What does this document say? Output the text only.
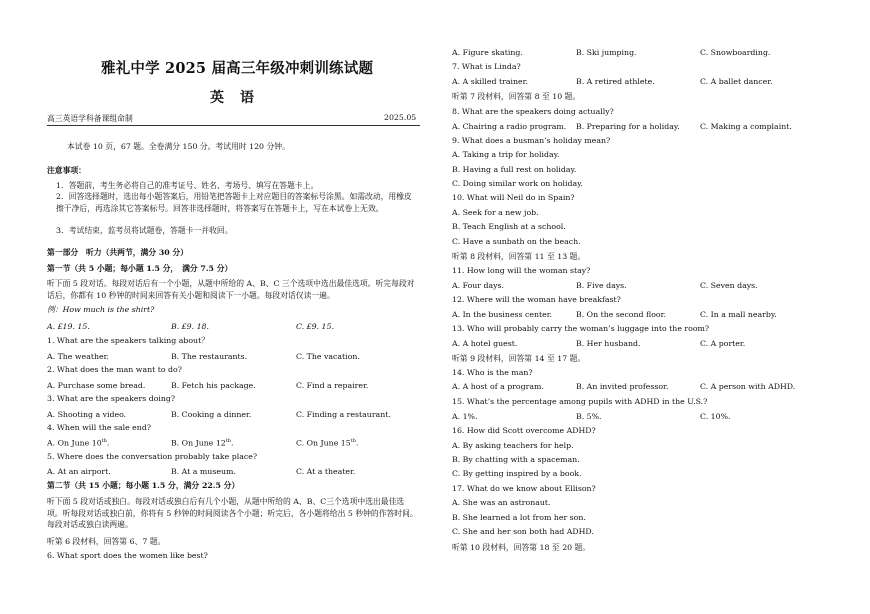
雅礼中学 2025 届高三年级冲刺训练试题
英语
高三英语学科备课组命制	2025.05
本试卷 10 页，67 题。全卷满分 150 分。考试用时 120 分钟。
注意事项：
1．答题前，考生务必将自己的准考证号、姓名、考场号、填写在答题卡上。
2．回答选择题时，选出每小题答案后，用铅笔把答题卡上对应题目的答案标号涂黑。如需改动，用橡皮擦干净后，再选涂其它答案标号。回答非选择题时，将答案写在答题卡上，写在本试卷上无效。
3．考试结束，监考员将试题卷，答题卡一并收回。
第一部分　听力（共两节，满分 30 分）
第一节（共 5 小题；每小题 1.5 分，　满分 7.5 分）
听下面 5 段对话。每段对话后有一个小题，从题中所给的 A、B、C 三个选项中选出最佳选项。听完每段对话后，你都有 10 秒钟的时间来回答有关小题和阅读下一小题。每段对话仅读一遍。
例：How much is the shirt?
A. £19. 15.	B. £9. 18.	C. £9. 15.
1. What are the speakers talking about？
A. The weather.	B. The restaurants.	C. The vacation.
2. What does the man want to do?
A. Purchase some bread.	B. Fetch his package.	C. Find a repairer.
3. What are the speakers doing?
A. Shooting a video.	B. Cooking a dinner.	C. Finding a restaurant.
4. When will the sale end?
A. On June 10th.	B. On June 12th.	C. On June 15th.
5. Where does the conversation probably take place?
A. At an airport.	B. At a museum.	C. At a theater.
第二节（共 15 小题；每小题 1.5 分，满分 22.5 分）
听下面 5 段对话或独白。每段对话或独白后有几个小题，从题中所给的 A、B、C三个选项中选出最佳选项。听每段对话或独白前，你将有 5 秒钟的时间阅读各个小题；听完后，各小题将给出 5 秒钟的作答时间。每段对话或独白读两遍。
听第 6 段材料，回答第 6、7 题。
6. What sport does the women like best?
A. Figure skating.	B. Ski jumping.	C. Snowboarding.
7. What is Linda?
A. A skilled trainer.	B. A retired athlete.	C. A ballet dancer.
听第 7 段材料，回答第 8 至 10 题。
8. What are the speakers doing actually?
A. Chairing a radio program. B. Preparing for a holiday.	C. Making a complaint.
9. What does a busman’s holiday mean?
A. Taking a trip for holiday.
B. Having a full rest on holiday.
C. Doing similar work on holiday.
10. What will Neil do in Spain?
A. Seek for a new job.
B. Teach English at a school.
C. Have a sunbath on the beach.
听第 8 段材料，回答第 11 至 13 题。
11. How long will the woman stay?
A. Four days.	B. Five days.	C. Seven days.
12. Where will the woman have breakfast?
A. In the business center.	B. On the second floor.	C. In a mall nearby.
13. Who will probably carry the woman’s luggage into the room?
A. A hotel guest.	B. Her husband.	C. A porter.
听第 9 段材料，回答第 14 至 17 题。
14. Who is the man?
A. A host of a program.	B. An invited professor.	C. A person with ADHD.
15. What’s the percentage among pupils with ADHD in the U.S.?
A. 1%.	B. 5%.	C. 10%.
16. How did Scott overcome ADHD?
A. By asking teachers for help.
B. By chatting with a spaceman.
C. By getting inspired by a book.
17. What do we know about Ellison?
A. She was an astronaut.
B. She learned a lot from her son.
C. She and her son both had ADHD.
听第 10 段材料，回答第 18 至 20 题。
